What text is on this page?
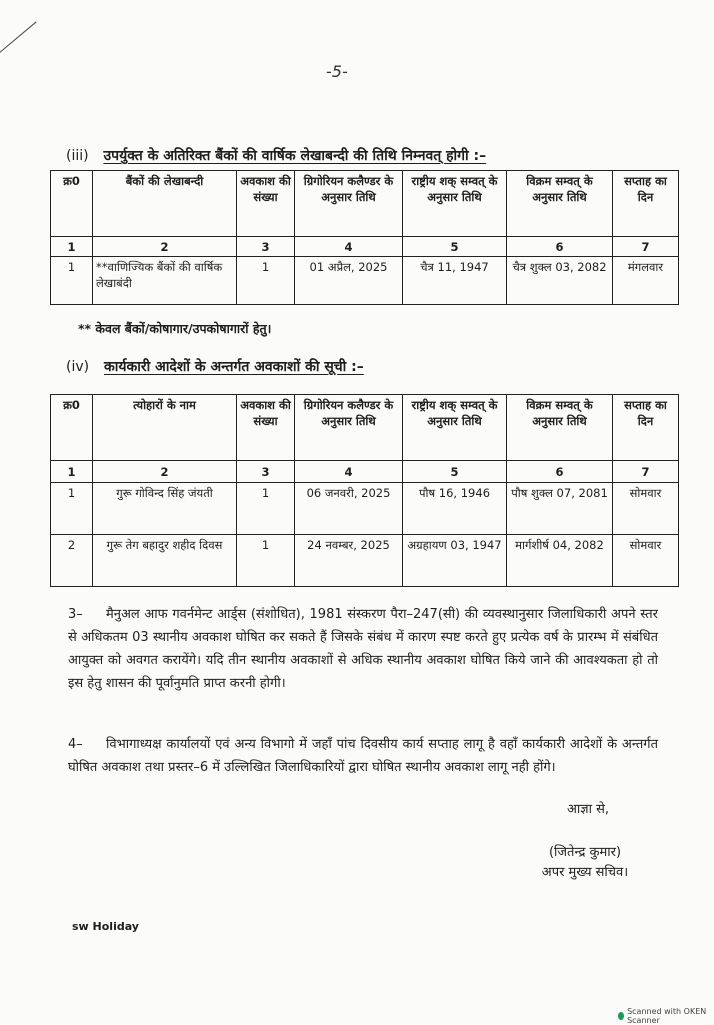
-5-
(iii) उपर्युक्त के अतिरिक्त बैंकों की वार्षिक लेखाबन्दी की तिथि निम्नवत् होगी :–
क्र0	बैंकों की लेखाबन्दी	अवकाश की संख्या	ग्रिगोरियन कलैण्डर के अनुसार तिथि	राष्ट्रीय शक् सम्वत् के अनुसार तिथि	विक्रम सम्वत् के अनुसार तिथि	सप्ताह का दिन
1	2	3	4	5	6	7
1	**वाणिज्यिक बैंकों की वार्षिक लेखाबंदी	1	01 अप्रैल, 2025	चैत्र 11, 1947	चैत्र शुक्ल 03, 2082	मंगलवार
** केवल बैंकों/कोषागार/उपकोषागारों हेतु।
(iv) कार्यकारी आदेशों के अन्तर्गत अवकाशों की सूची :–
क्र0	त्योहारों के नाम	अवकाश की संख्या	ग्रिगोरियन कलैण्डर के अनुसार तिथि	राष्ट्रीय शक् सम्वत् के अनुसार तिथि	विक्रम सम्वत् के अनुसार तिथि	सप्ताह का दिन
1	2	3	4	5	6	7
1	गुरू गोविन्द सिंह जंयती	1	06 जनवरी, 2025	पौष 16, 1946	पौष शुक्ल 07, 2081	सोमवार
2	गुरू तेग बहादुर शहीद दिवस	1	24 नवम्बर, 2025	अग्रहायण 03, 1947	मार्गशीर्ष 04, 2082	सोमवार
3– मैनुअल आफ गवर्नमेन्ट आर्ड्स (संशोधित), 1981 संस्करण पैरा–247(सी) की व्यवस्थानुसार जिलाधिकारी अपने स्तर से अधिकतम 03 स्थानीय अवकाश घोषित कर सकते हैं जिसके संबंध में कारण स्पष्ट करते हुए प्रत्येक वर्ष के प्रारम्भ में संबंधित आयुक्त को अवगत करायेंगे। यदि तीन स्थानीय अवकाशों से अधिक स्थानीय अवकाश घोषित किये जाने की आवश्यकता हो तो इस हेतु शासन की पूर्वानुमति प्राप्त करनी होगी।
4– विभागाध्यक्ष कार्यालयों एवं अन्य विभागो में जहाँ पांच दिवसीय कार्य सप्ताह लागू है वहाँ कार्यकारी आदेशों के अन्तर्गत घोषित अवकाश तथा प्रस्तर–6 में उल्लिखित जिलाधिकारियों द्वारा घोषित स्थानीय अवकाश लागू नही होंगे।
आज्ञा से,
(जितेन्द्र कुमार)
अपर मुख्य सचिव।
sw Holiday
Scanned with OKEN Scanner
